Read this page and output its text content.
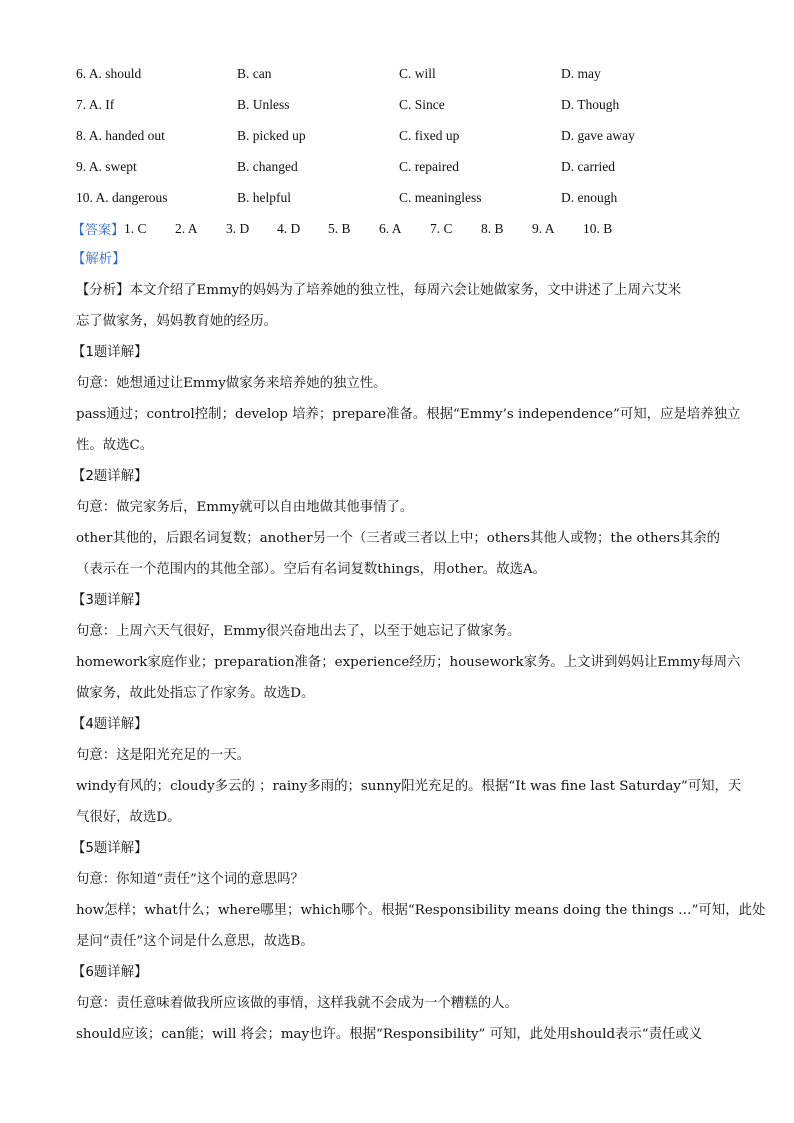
6. A. should	B. can	C. will	D. may
7. A. If	B. Unless	C. Since	D. Though
8. A. handed out	B. picked up	C. fixed up	D. gave away
9. A. swept	B. changed	C. repaired	D. carried
10. A. dangerous	B. helpful	C. meaningless	D. enough
【答案】 1. C	2. A	3. D	4. D	5. B	6. A	7. C	8. B	9. A	10. B
【解析】
【分析】本文介绍了Emmy的妈妈为了培养她的独立性，每周六会让她做家务，文中讲述了上周六艾米
忘了做家务，妈妈教育她的经历。
【1题详解】
句意：她想通过让Emmy做家务来培养她的独立性。
pass通过；control控制；develop 培养；prepare准备。根据“Emmy’s independence”可知，应是培养独立
性。故选C。
【2题详解】
句意：做完家务后，Emmy就可以自由地做其他事情了。
other其他的，后跟名词复数；another另一个（三者或三者以上中；others其他人或物；the others其余的
（表示在一个范围内的其他全部）。空后有名词复数things，用other。故选A。
【3题详解】
句意：上周六天气很好，Emmy很兴奋地出去了，以至于她忘记了做家务。
homework家庭作业；preparation准备；experience经历；housework家务。上文讲到妈妈让Emmy每周六
做家务，故此处指忘了作家务。故选D。
【4题详解】
句意：这是阳光充足的一天。
windy有风的；cloudy多云的 ；rainy多雨的；sunny阳光充足的。根据“It was fine last Saturday”可知，天
气很好，故选D。
【5题详解】
句意：你知道“责任”这个词的意思吗？
how怎样；what什么；where哪里；which哪个。根据“Responsibility means doing the things …”可知，此处
是问“责任”这个词是什么意思，故选B。
【6题详解】
句意：责任意味着做我所应该做的事情，这样我就不会成为一个糟糕的人。
should应该；can能；will 将会；may也许。根据“Responsibility” 可知，此处用should表示“责任或义
